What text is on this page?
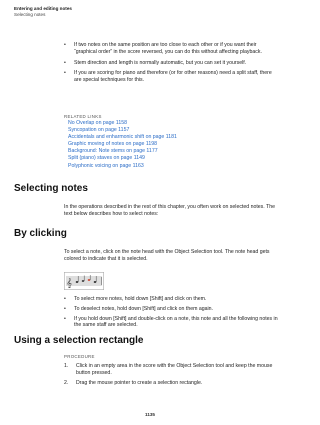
Entering and editing notes
Selecting notes
• If two notes on the same position are too close to each other or if you want their “graphical order” in the score reversed, you can do this without affecting playback.
• Stem direction and length is normally automatic, but you can set it yourself.
• If you are scoring for piano and therefore (or for other reasons) need a split staff, there are special techniques for this.
RELATED LINKS
No Overlap on page 1158
Syncopation on page 1157
Accidentals and enharmonic shift on page 1181
Graphic moving of notes on page 1198
Background: Note stems on page 1177
Split (piano) staves on page 1149
Polyphonic voicing on page 1163
Selecting notes

In the operations described in the rest of this chapter, you often work on selected notes. The text below describes how to select notes:

By clicking

To select a note, click on the note head with the Object Selection tool. The note head gets colored to indicate that it is selected.

𝄞
• To select more notes, hold down [Shift] and click on them.
• To deselect notes, hold down [Shift] and click on them again.
• If you hold down [Shift] and double-click on a note, this note and all the following notes in the same staff are selected.
Using a selection rectangle
PROCEDURE
1. Click in an empty area in the score with the Object Selection tool and keep the mouse button pressed.
2. Drag the mouse pointer to create a selection rectangle.
1135
